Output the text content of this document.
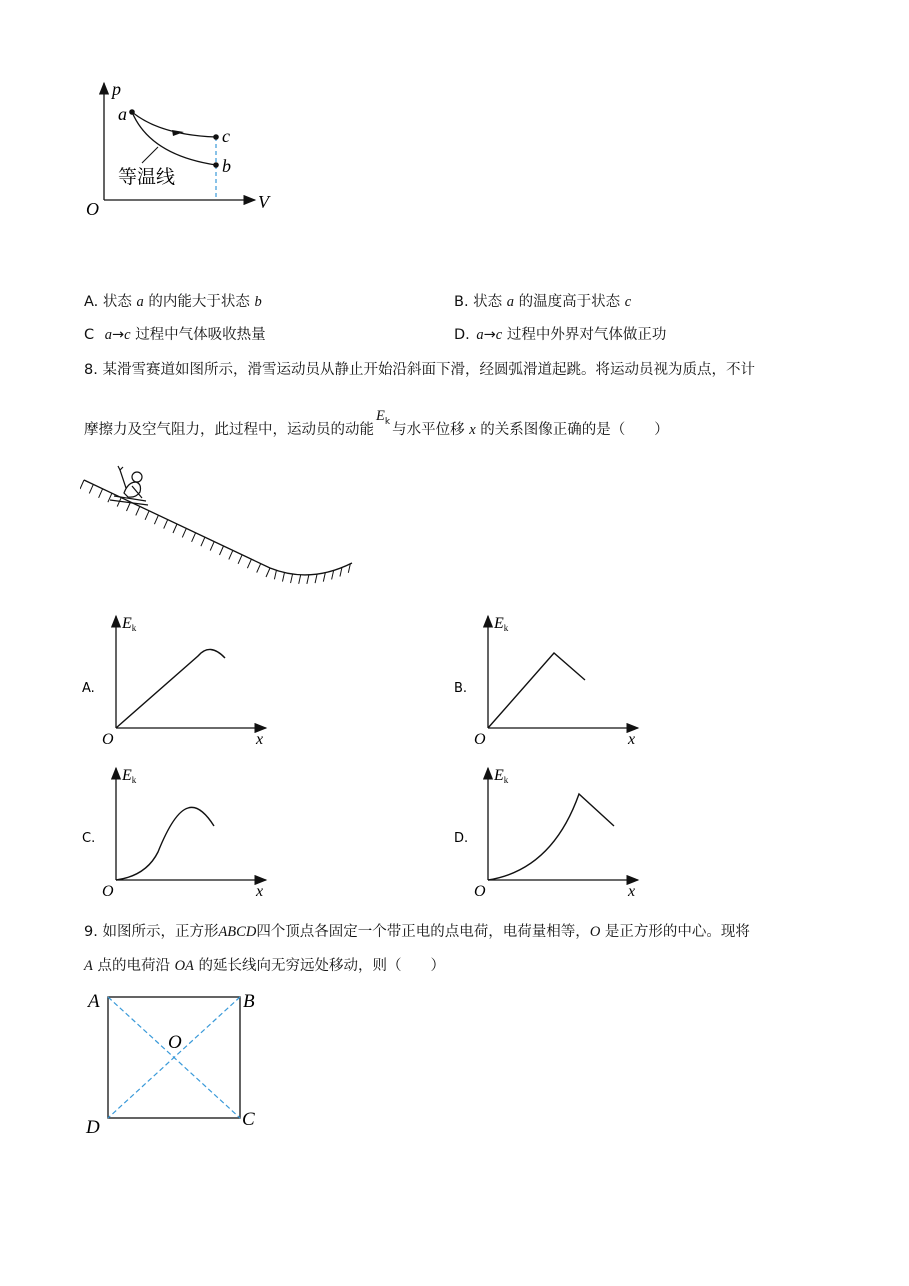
p
V
O
a
c
b
等温线
A. 状态 a 的内能大于状态 b	B. 状态 a 的温度高于状态 c
C a→c 过程中气体吸收热量	D. a→c 过程中外界对气体做正功
8. 某滑雪赛道如图所示，滑雪运动员从静止开始沿斜面下滑，经圆弧滑道起跳。将运动员视为质点，不计
摩擦力及空气阻力，此过程中，运动员的动能$E_k$与水平位移 x 的关系图像正确的是（　　）
A.
Ek
x
O
B.
Ek
x
O
C.
Ek
x
O
D.
Ek
x
O
9. 如图所示，正方形ABCD四个顶点各固定一个带正电的点电荷，电荷量相等，O 是正方形的中心。现将
A 点的电荷沿 OA 的延长线向无穷远处移动，则（　　）
A	B
C
D
O
